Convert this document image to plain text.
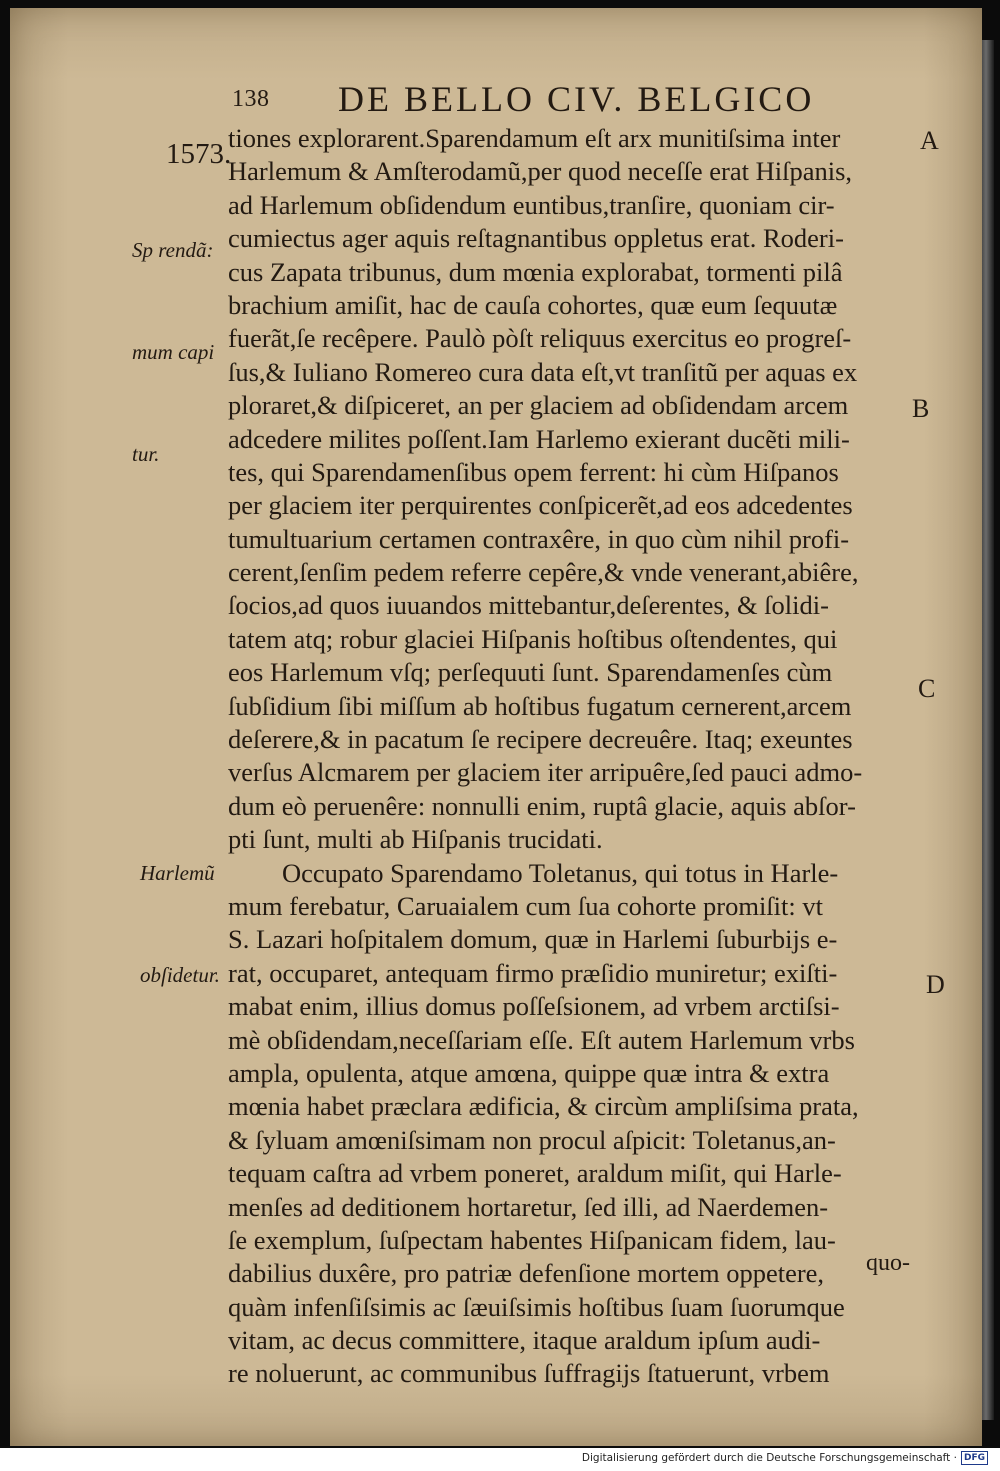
138 DE BELLO CIV. BELGICO
1573.

Sp rendã:

mum capi

tur.

Harlemũ

obſidetur.

A
B
C
D
tiones explorarent.Sparendamum eſt arx munitiſsima inter
Harlemum & Amſterodamũ,per quod neceſſe erat Hiſpanis,
ad Harlemum obſidendum euntibus,tranſire, quoniam cir-
cumiectus ager aquis reſtagnantibus oppletus erat. Roderi-
cus Zapata tribunus, dum mœnia explorabat, tormenti pilâ
brachium amiſit, hac de cauſa cohortes, quæ eum ſequutæ
fuerãt,ſe recêpere. Paulò pòſt reliquus exercitus eo progreſ-
ſus,& Iuliano Romereo cura data eſt,vt tranſitũ per aquas ex
ploraret,& diſpiceret, an per glaciem ad obſidendam arcem
adcedere milites poſſent.Iam Harlemo exierant ducẽti mili-
tes, qui Sparendamenſibus opem ferrent: hi cùm Hiſpanos
per glaciem iter perquirentes conſpicerẽt,ad eos adcedentes
tumultuarium certamen contraxêre, in quo cùm nihil profi-
cerent,ſenſim pedem referre cepêre,& vnde venerant,abiêre,
ſocios,ad quos iuuandos mittebantur,deſerentes, & ſolidi-
tatem atq; robur glaciei Hiſpanis hoſtibus oſtendentes, qui
eos Harlemum vſq; perſequuti ſunt. Sparendamenſes cùm
ſubſidium ſibi miſſum ab hoſtibus fugatum cernerent,arcem
deſerere,& in pacatum ſe recipere decreuêre. Itaq; exeuntes
verſus Alcmarem per glaciem iter arripuêre,ſed pauci admo-
dum eò peruenêre: nonnulli enim, ruptâ glacie, aquis abſor-
pti ſunt, multi ab Hiſpanis trucidati.
Occupato Sparendamo Toletanus, qui totus in Harle-
mum ferebatur, Caruaialem cum ſua cohorte promiſit: vt
S. Lazari hoſpitalem domum, quæ in Harlemi ſuburbijs e-
rat, occuparet, antequam firmo præſidio muniretur; exiſti-
mabat enim, illius domus poſſeſsionem, ad vrbem arctiſsi-
mè obſidendam,neceſſariam eſſe. Eſt autem Harlemum vrbs
ampla, opulenta, atque amœna, quippe quæ intra & extra
mœnia habet præclara ædificia, & circùm ampliſsima prata,
& ſyluam amœniſsimam non procul aſpicit: Toletanus,an-
tequam caſtra ad vrbem poneret, araldum miſit, qui Harle-
menſes ad deditionem hortaretur, ſed illi, ad Naerdemen-
ſe exemplum, ſuſpectam habentes Hiſpanicam fidem, lau-
dabilius duxêre, pro patriæ defenſione mortem oppetere,
quàm infenſiſsimis ac ſæuiſsimis hoſtibus ſuam ſuorumque
vitam, ac decus committere, itaque araldum ipſum audi-
re noluerunt, ac communibus ſuffragijs ſtatuerunt, vrbem
quo-
Digitalisierung gefördert durch die Deutsche Forschungsgemeinschaft · DFG
